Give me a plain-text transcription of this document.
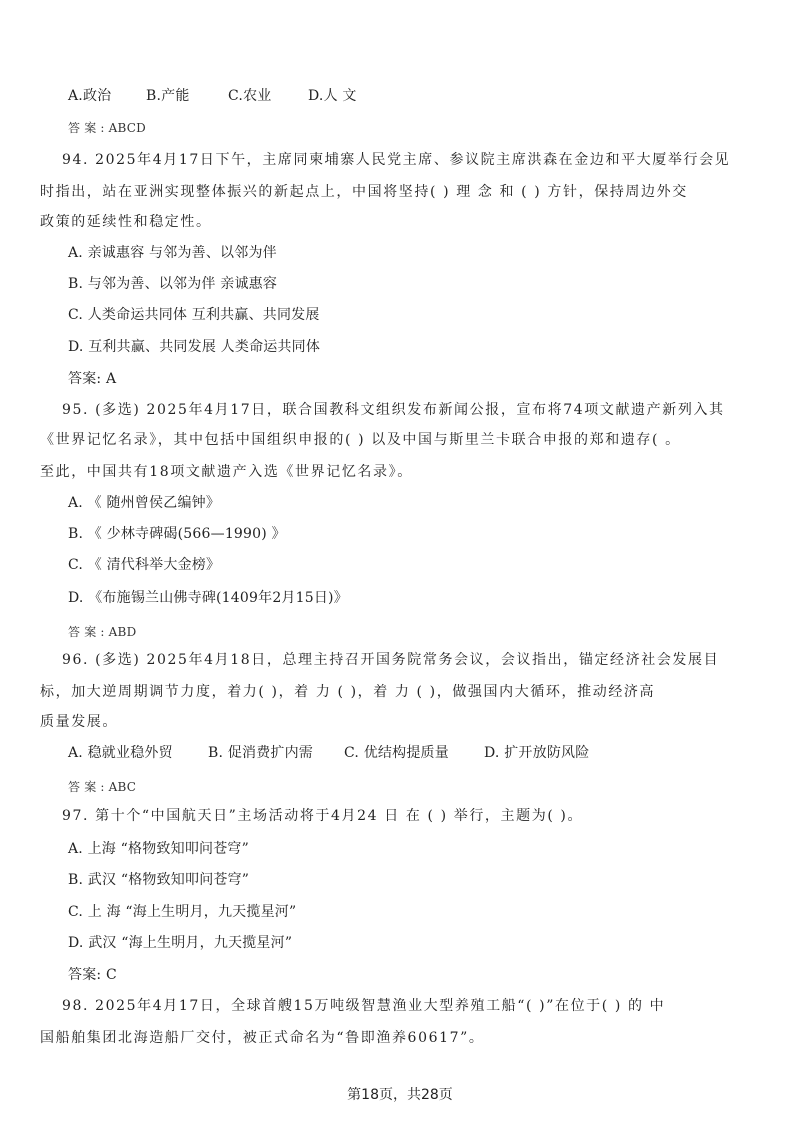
A.政治 B.产能	C.农业	D.人 文
答 案 : ABCD
94. 2025年4月17日下午，主席同柬埔寨人民党主席、参议院主席洪森在金边和平大厦举行会见
时指出，站在亚洲实现整体振兴的新起点上，中国将坚持( ) 理 念 和 ( ) 方针，保持周边外交
政策的延续性和稳定性。
A. 亲诚惠容 与邻为善、以邻为伴
B. 与邻为善、以邻为伴 亲诚惠容
C. 人类命运共同体 互利共赢、共同发展
D. 互利共赢、共同发展 人类命运共同体
答案: A
95. (多选) 2025年4月17日，联合国教科文组织发布新闻公报，宣布将74项文献遗产新列入其
《世界记忆名录》，其中包括中国组织申报的( ) 以及中国与斯里兰卡联合申报的郑和遗存( 。
至此，中国共有18项文献遗产入选《世界记忆名录》。
A. 《 随州曾侯乙编钟》
B. 《 少林寺碑碣(566—1990) 》
C. 《 清代科举大金榜》
D. 《布施锡兰山佛寺碑(1409年2月15日)》
答 案 : ABD
96. (多选) 2025年4月18日，总理主持召开国务院常务会议，会议指出，锚定经济社会发展目
标，加大逆周期调节力度，着力( )，着 力 ( )，着 力 ( )，做强国内大循环，推动经济高
质量发展。
A. 稳就业稳外贸	B. 促消费扩内需 C. 优结构提质量	D. 扩开放防风险
答 案 : ABC
97. 第十个“中国航天日”主场活动将于4月24 日 在 ( ) 举行，主题为( )。
A. 上海 “格物致知叩问苍穹”
B. 武汉 “格物致知叩问苍穹”
C. 上 海 “海上生明月，九天揽星河”
D. 武汉 “海上生明月，九天揽星河”
答案: C
98. 2025年4月17日，全球首艘15万吨级智慧渔业大型养殖工船“( )”在位于( ) 的 中
国船舶集团北海造船厂交付，被正式命名为“鲁即渔养60617”。
第18页，共28页
